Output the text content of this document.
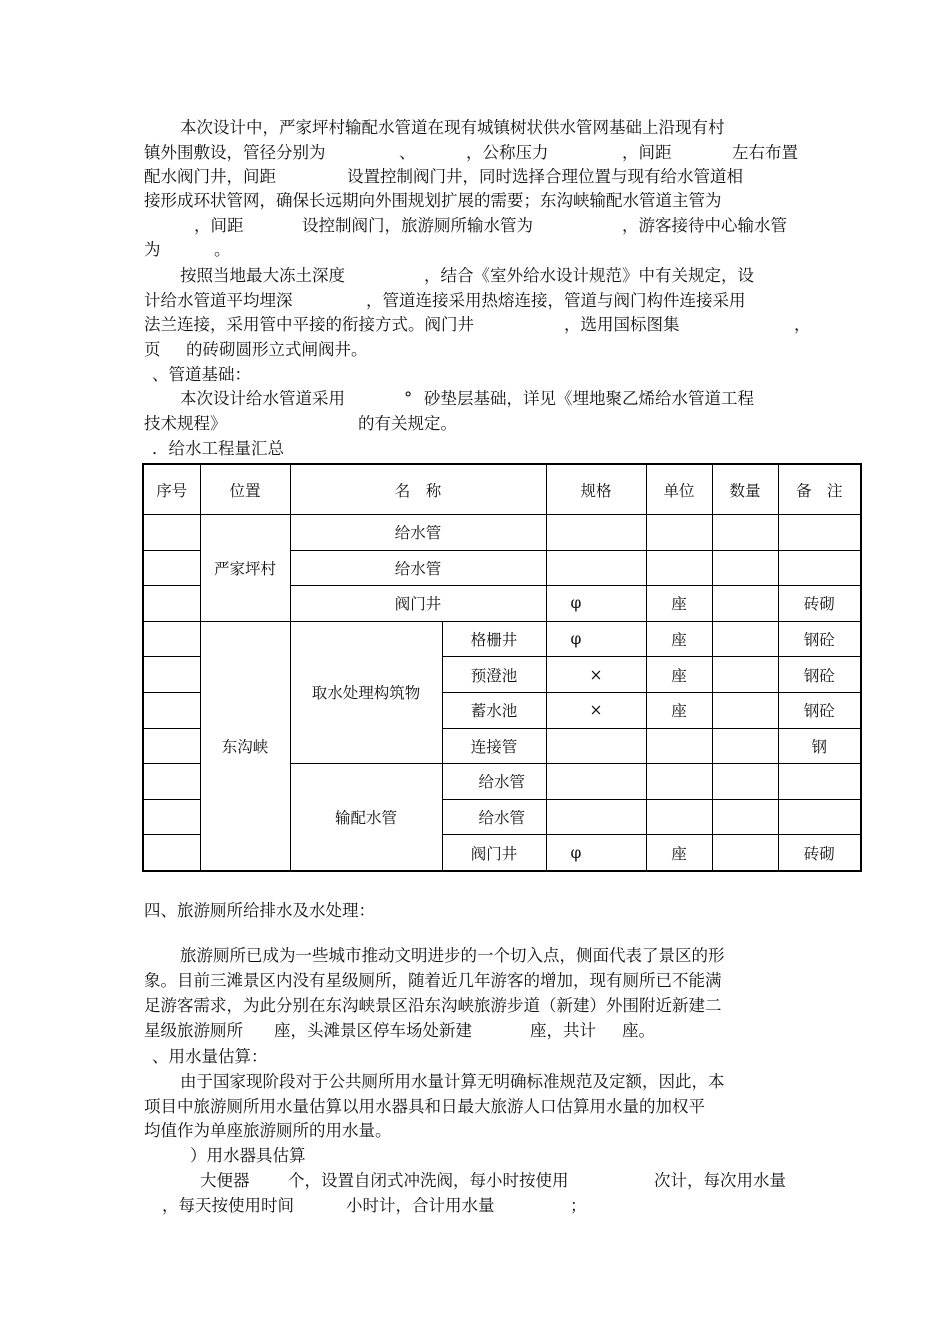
本次设计中，严家坪村输配水管道在现有城镇树状供水管网基础上沿现有村

镇外围敷设，管径分别为

	、

	，公称压力

	，间距

	左右布置

配水阀门井，间距

	设置控制阀门井，同时选择合理位置与现有给水管道相

接形成环状管网，确保长远期向外围规划扩展的需要；东沟峡输配水管道主管为

，间距

	设控制阀门，旅游厕所输水管为

	，游客接待中心输水管

为

	。

按照当地最大冻土深度

	，结合《室外给水设计规范》中有关规定，设

计给水管道平均埋深

	，管道连接采用热熔连接，管道与阀门构件连接采用

法兰连接，采用管中平接的衔接方式。阀门井

	，选用国标图集

	，

页

的砖砌圆形立式闸阀井。

、管道基础：

本次设计给水管道采用

	°

砂垫层基础，详见《埋地聚乙烯给水管道工程

技术规程》

	的有关规定。

．给水工程量汇总

序号	位置	名　称		规格	单位	数量	备　注
	严家坪村	给水管					
		给水管					
		阀门井		φ	座		砖砌
	东沟峡	取水处理构筑物	格栅井	φ	座		钢砼
			预澄池	×	座		钢砼
			蓄水池	×	座		钢砼
			连接管				钢
		输配水管	给水管				
			给水管				
			阀门井	φ	座		砖砌

四、旅游厕所给排水及水处理：

旅游厕所已成为一些城市推动文明进步的一个切入点，侧面代表了景区的形

象。目前三滩景区内没有星级厕所，随着近几年游客的增加，现有厕所已不能满

足游客需求，为此分别在东沟峡景区沿东沟峡旅游步道（新建）外围附近新建二

星级旅游厕所

座，头滩景区停车场处新建

	座，共计

座。

、用水量估算：

由于国家现阶段对于公共厕所用水量计算无明确标准规范及定额，因此，本

项目中旅游厕所用水量估算以用水器具和日最大旅游人口估算用水量的加权平

均值作为单座旅游厕所的用水量。

）用水器具估算

大便器

个，设置自闭式冲洗阀，每小时按使用

	次计，每次用水量

，每天按使用时间

	小时计，合计用水量

	；
